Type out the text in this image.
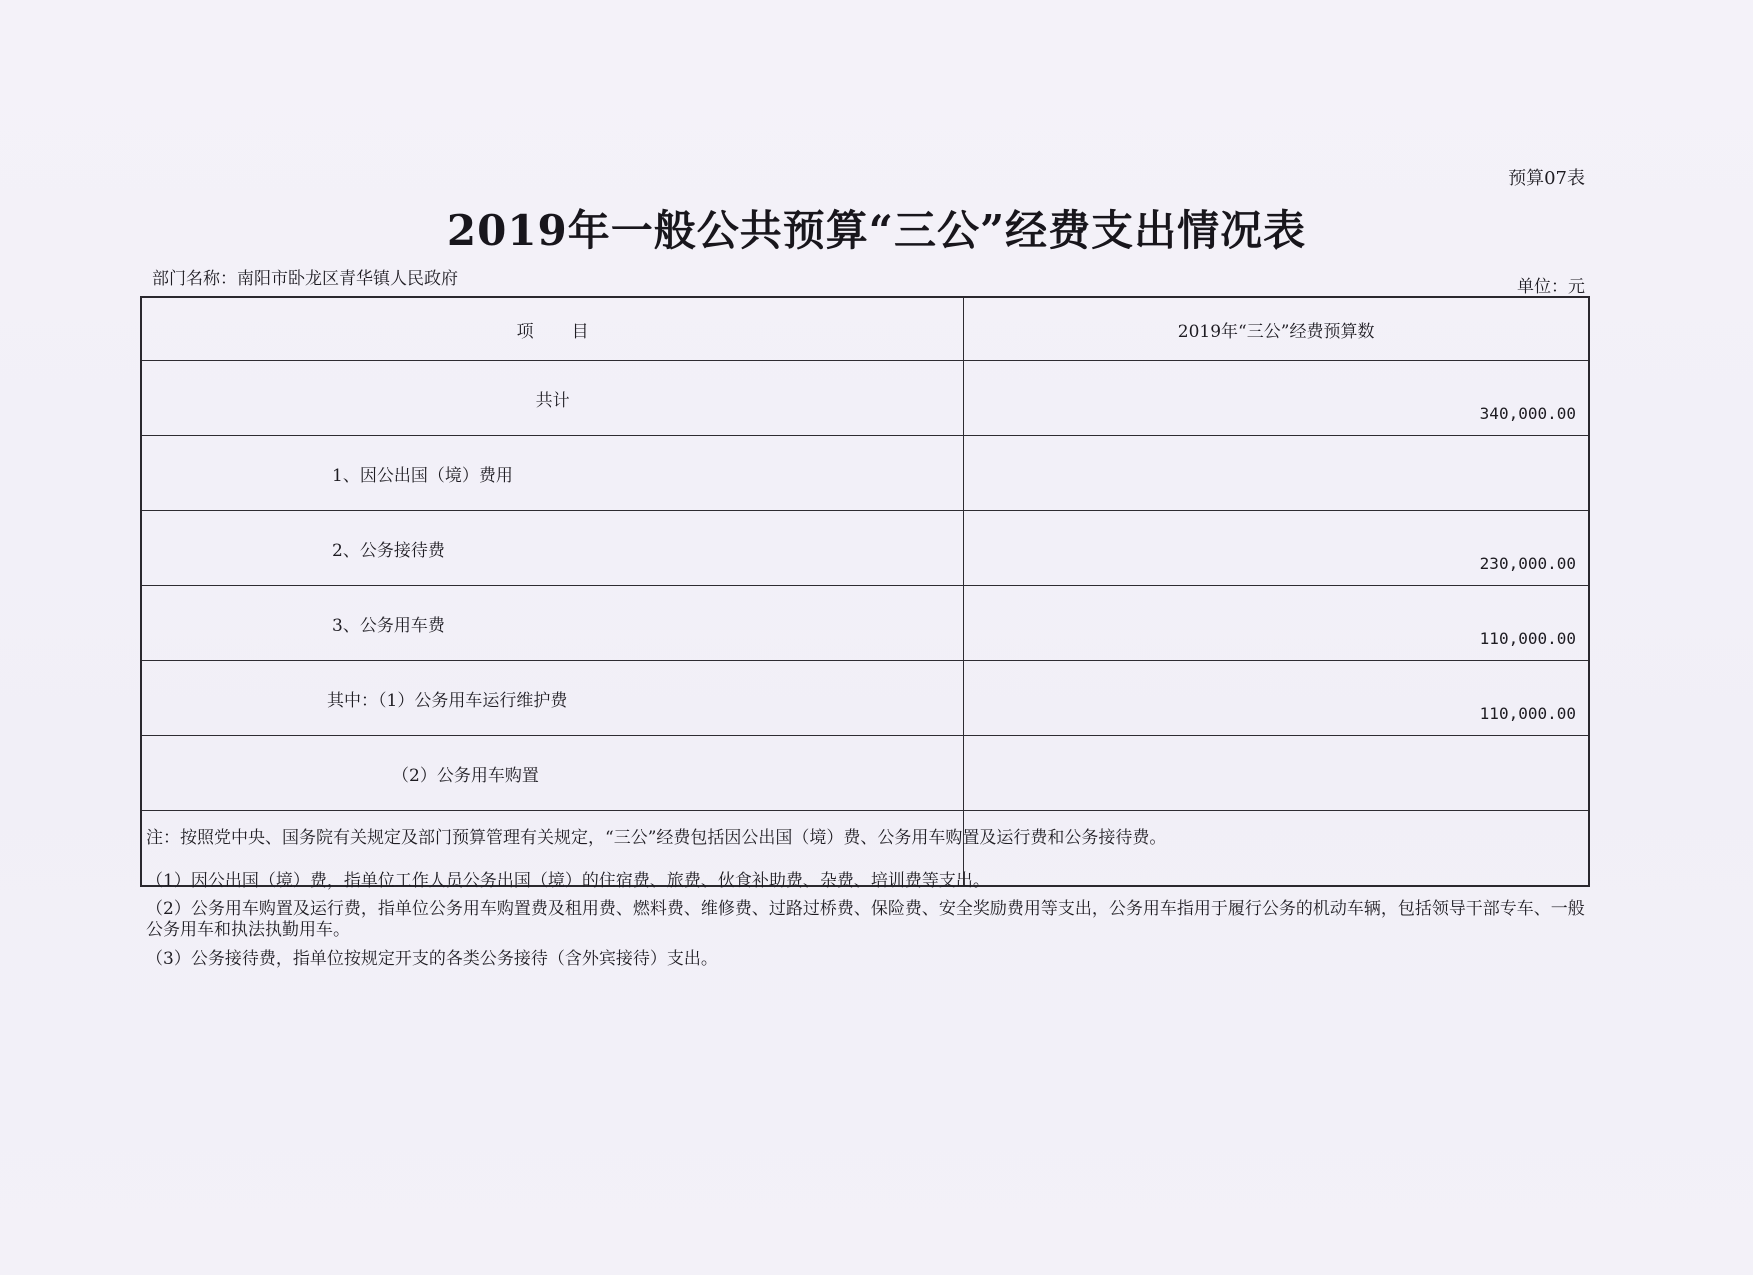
预算07表
2019年一般公共预算“三公”经费支出情况表
部门名称：南阳市卧龙区青华镇人民政府	单位：元
项目	2019年“三公”经费预算数
共计	340,000.00
1、因公出国（境）费用	
2、公务接待费	230,000.00
3、公务用车费	110,000.00
其中：（1）公务用车运行维护费	110,000.00
（2）公务用车购置	

注：按照党中央、国务院有关规定及部门预算管理有关规定，“三公”经费包括因公出国（境）费、公务用车购置及运行费和公务接待费。

（1）因公出国（境）费，指单位工作人员公务出国（境）的住宿费、旅费、伙食补助费、杂费、培训费等支出。

（2）公务用车购置及运行费，指单位公务用车购置费及租用费、燃料费、维修费、过路过桥费、保险费、安全奖励费用等支出，公务用车指用于履行公务的机动车辆，包括领导干部专车、一般公务用车和执法执勤用车。

（3）公务接待费，指单位按规定开支的各类公务接待（含外宾接待）支出。
